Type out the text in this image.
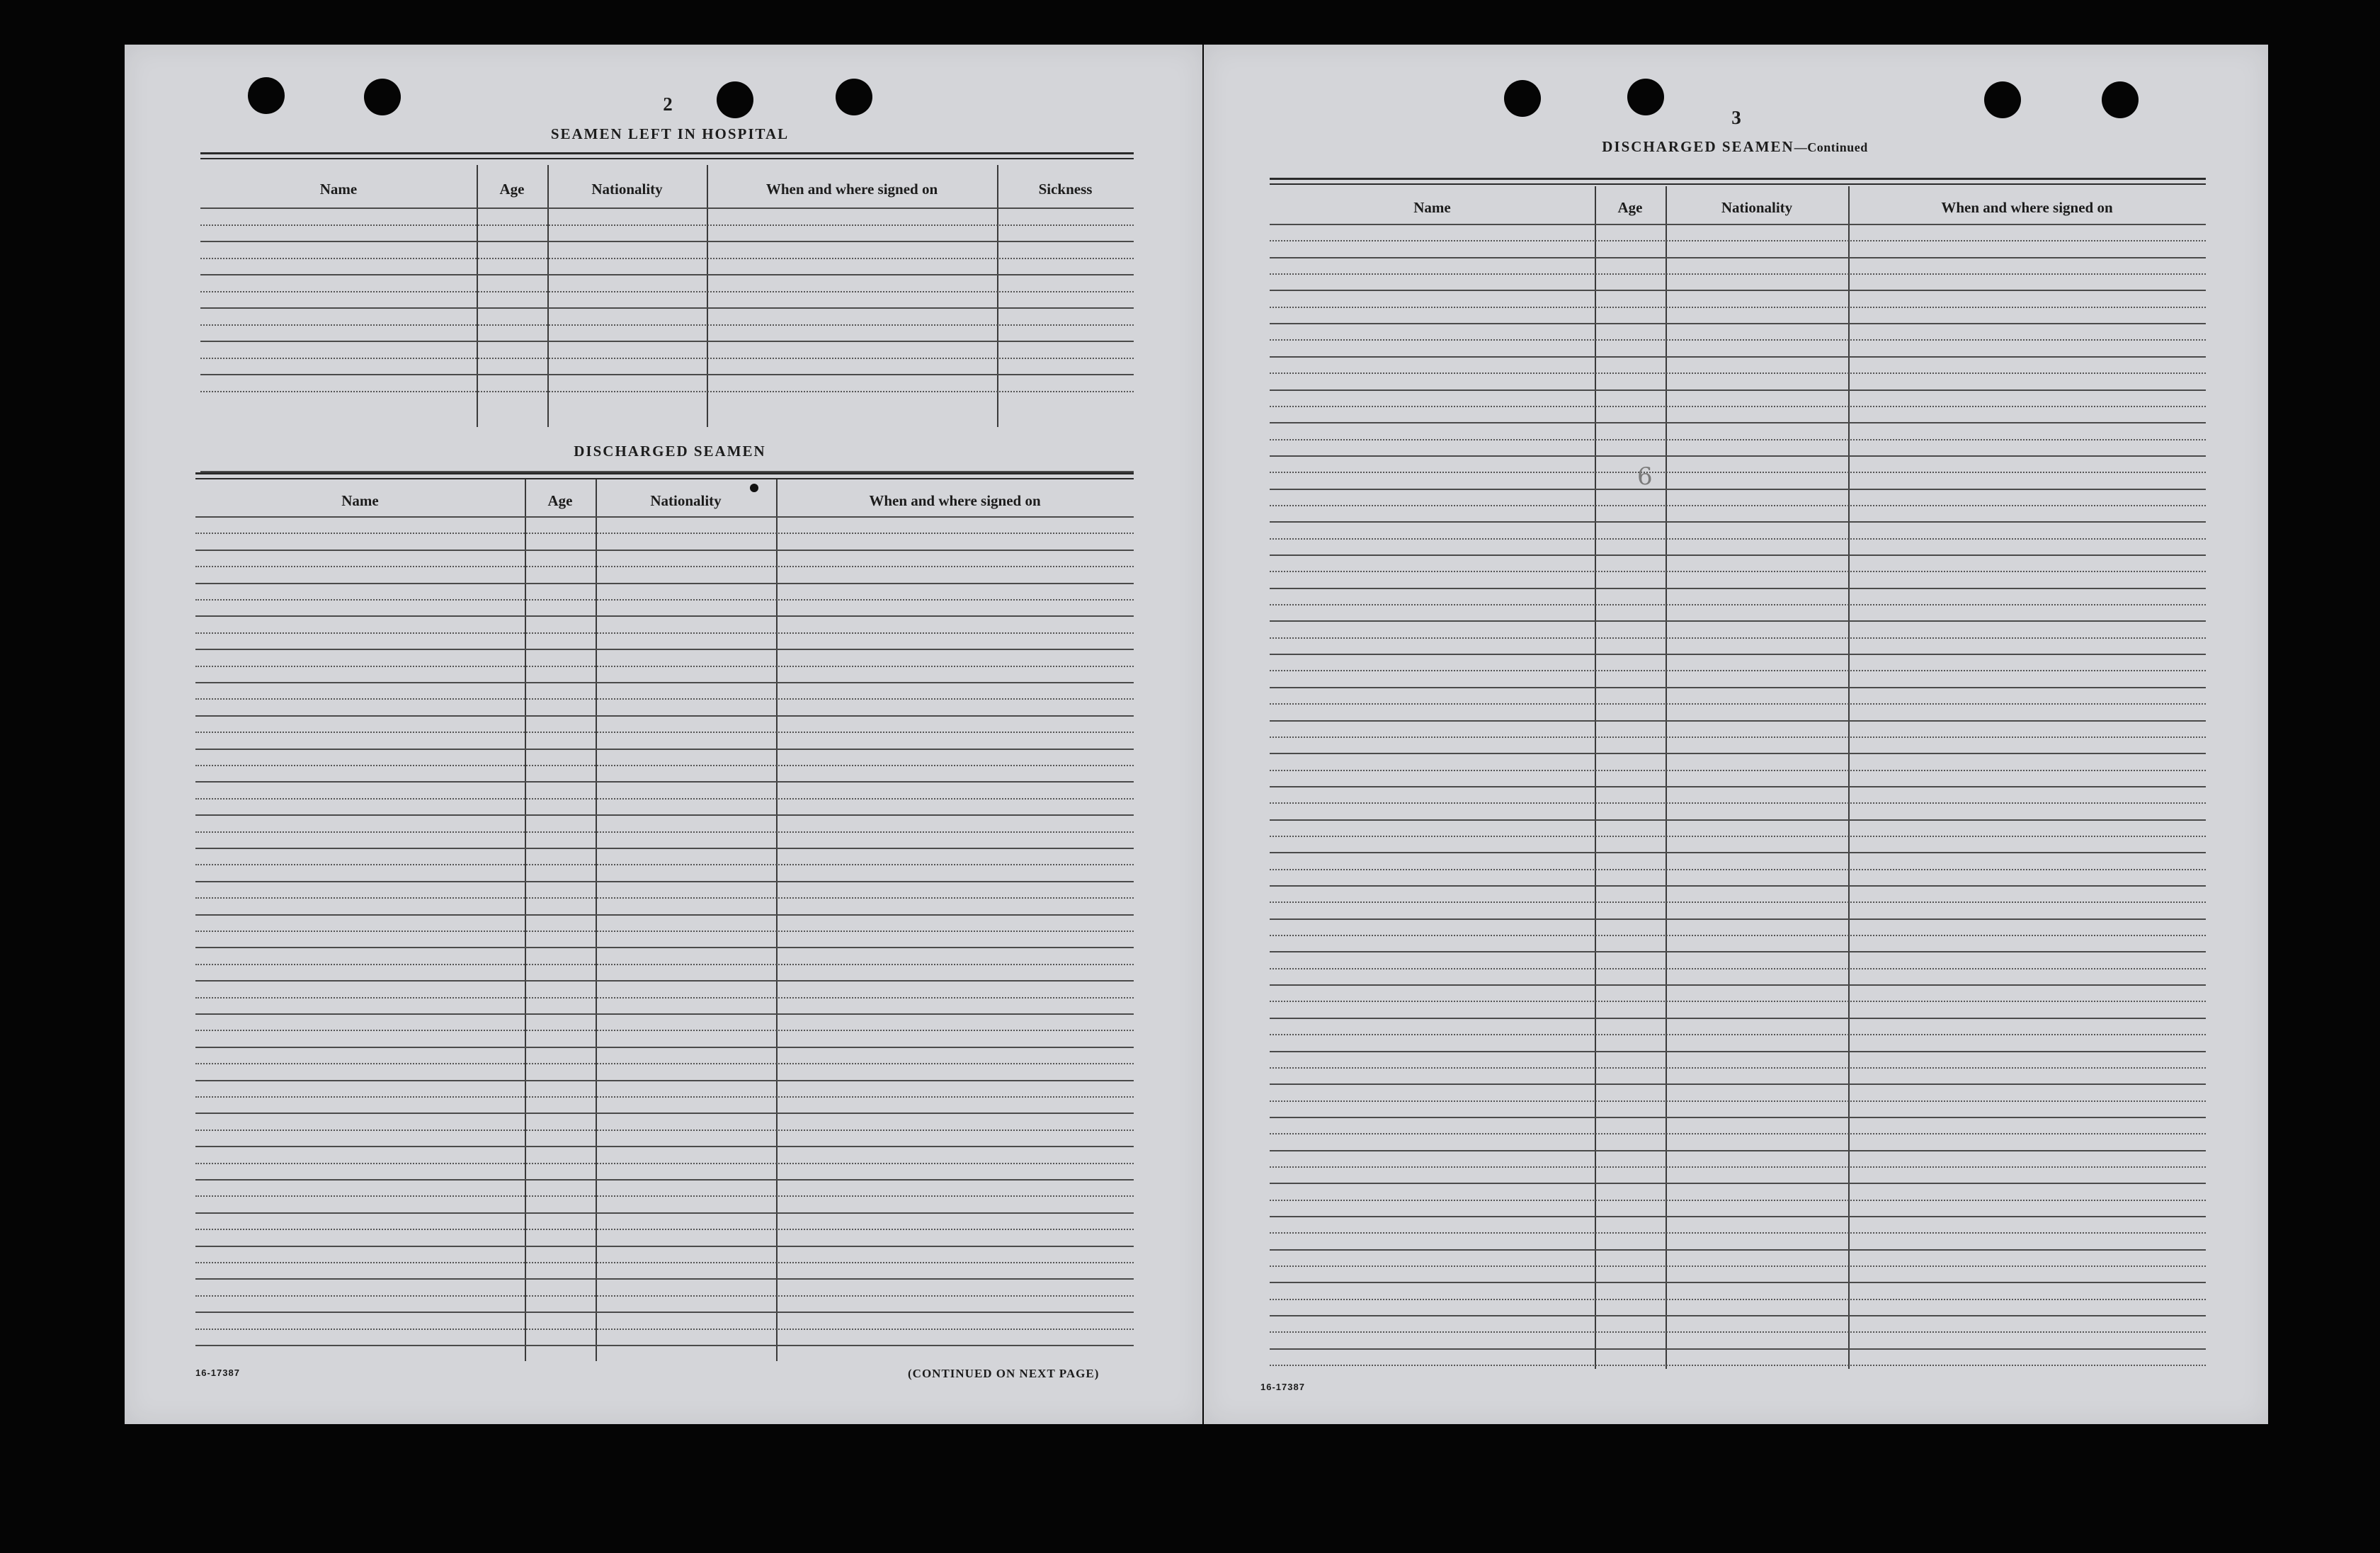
2
SEAMEN LEFT IN HOSPITAL
Name	Age	Nationality	When and where signed on	Sickness
DISCHARGED SEAMEN
Name	Age	Nationality	When and where signed on
16-17387	(CONTINUED ON NEXT PAGE)
3
DISCHARGED SEAMEN—Continued
Name	Age	Nationality	When and where signed on
6
16-17387
